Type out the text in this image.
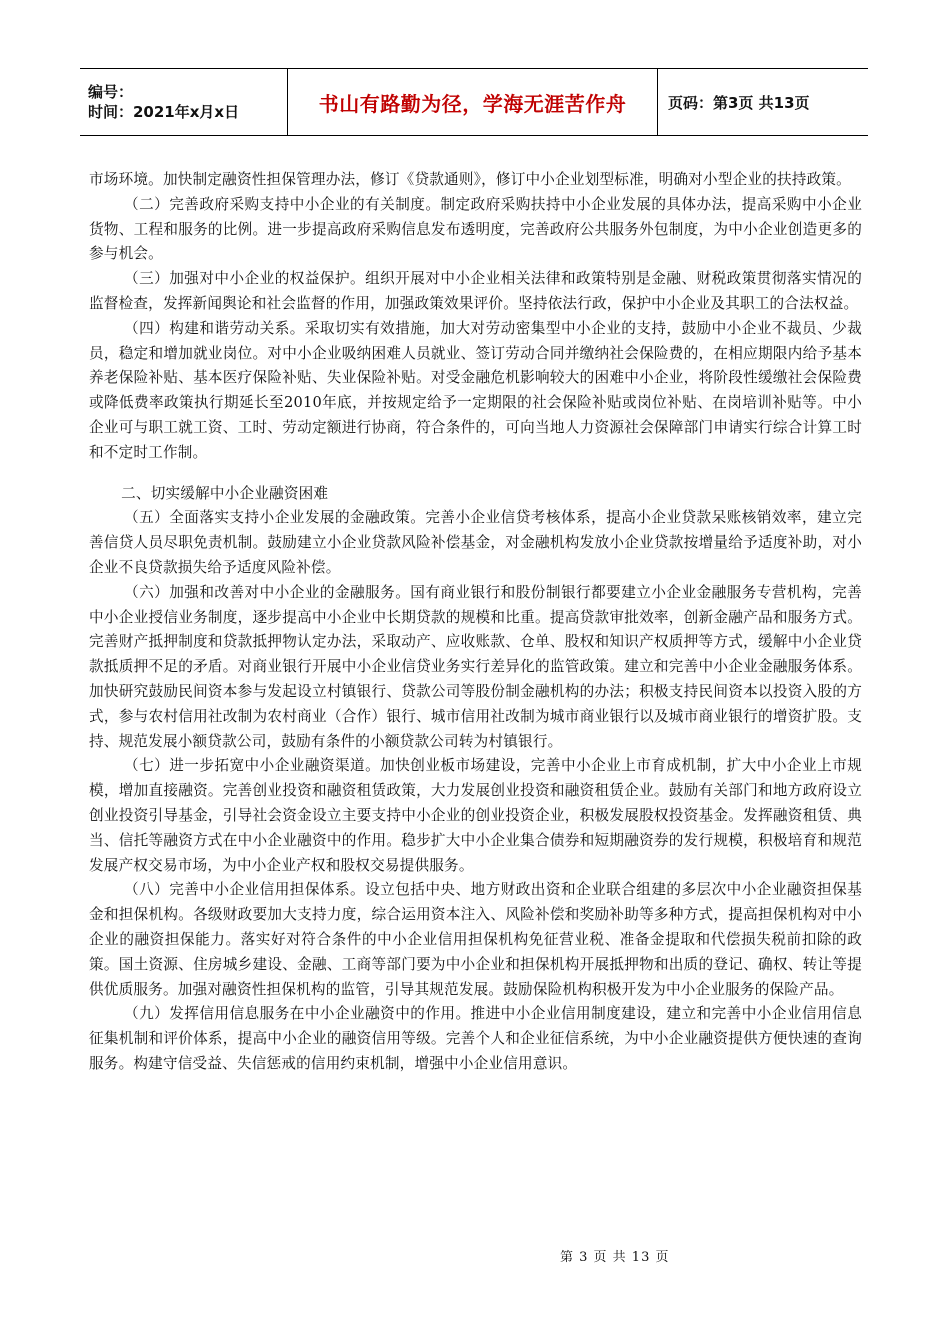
编号：
时间：2021年x月x日	书山有路勤为径，学海无涯苦作舟	页码：第3页 共13页

市场环境。加快制定融资性担保管理办法，修订《贷款通则》，修订中小企业划型标准，明确对小型企业的扶持政策。

（二）完善政府采购支持中小企业的有关制度。制定政府采购扶持中小企业发展的具体办法，提高采购中小企业货物、工程和服务的比例。进一步提高政府采购信息发布透明度，完善政府公共服务外包制度，为中小企业创造更多的参与机会。

（三）加强对中小企业的权益保护。组织开展对中小企业相关法律和政策特别是金融、财税政策贯彻落实情况的监督检查，发挥新闻舆论和社会监督的作用，加强政策效果评价。坚持依法行政，保护中小企业及其职工的合法权益。

（四）构建和谐劳动关系。采取切实有效措施，加大对劳动密集型中小企业的支持，鼓励中小企业不裁员、少裁员，稳定和增加就业岗位。对中小企业吸纳困难人员就业、签订劳动合同并缴纳社会保险费的，在相应期限内给予基本养老保险补贴、基本医疗保险补贴、失业保险补贴。对受金融危机影响较大的困难中小企业，将阶段性缓缴社会保险费或降低费率政策执行期延长至2010年底，并按规定给予一定期限的社会保险补贴或岗位补贴、在岗培训补贴等。中小企业可与职工就工资、工时、劳动定额进行协商，符合条件的，可向当地人力资源社会保障部门申请实行综合计算工时和不定时工作制。

二、切实缓解中小企业融资困难

（五）全面落实支持小企业发展的金融政策。完善小企业信贷考核体系，提高小企业贷款呆账核销效率，建立完善信贷人员尽职免责机制。鼓励建立小企业贷款风险补偿基金，对金融机构发放小企业贷款按增量给予适度补助，对小企业不良贷款损失给予适度风险补偿。

（六）加强和改善对中小企业的金融服务。国有商业银行和股份制银行都要建立小企业金融服务专营机构，完善中小企业授信业务制度，逐步提高中小企业中长期贷款的规模和比重。提高贷款审批效率，创新金融产品和服务方式。完善财产抵押制度和贷款抵押物认定办法，采取动产、应收账款、仓单、股权和知识产权质押等方式，缓解中小企业贷款抵质押不足的矛盾。对商业银行开展中小企业信贷业务实行差异化的监管政策。建立和完善中小企业金融服务体系。加快研究鼓励民间资本参与发起设立村镇银行、贷款公司等股份制金融机构的办法；积极支持民间资本以投资入股的方式，参与农村信用社改制为农村商业（合作）银行、城市信用社改制为城市商业银行以及城市商业银行的增资扩股。支持、规范发展小额贷款公司，鼓励有条件的小额贷款公司转为村镇银行。

（七）进一步拓宽中小企业融资渠道。加快创业板市场建设，完善中小企业上市育成机制，扩大中小企业上市规模，增加直接融资。完善创业投资和融资租赁政策，大力发展创业投资和融资租赁企业。鼓励有关部门和地方政府设立创业投资引导基金，引导社会资金设立主要支持中小企业的创业投资企业，积极发展股权投资基金。发挥融资租赁、典当、信托等融资方式在中小企业融资中的作用。稳步扩大中小企业集合债券和短期融资券的发行规模，积极培育和规范发展产权交易市场，为中小企业产权和股权交易提供服务。

（八）完善中小企业信用担保体系。设立包括中央、地方财政出资和企业联合组建的多层次中小企业融资担保基金和担保机构。各级财政要加大支持力度，综合运用资本注入、风险补偿和奖励补助等多种方式，提高担保机构对中小企业的融资担保能力。落实好对符合条件的中小企业信用担保机构免征营业税、准备金提取和代偿损失税前扣除的政策。国土资源、住房城乡建设、金融、工商等部门要为中小企业和担保机构开展抵押物和出质的登记、确权、转让等提供优质服务。加强对融资性担保机构的监管，引导其规范发展。鼓励保险机构积极开发为中小企业服务的保险产品。

（九）发挥信用信息服务在中小企业融资中的作用。推进中小企业信用制度建设，建立和完善中小企业信用信息征集机制和评价体系，提高中小企业的融资信用等级。完善个人和企业征信系统，为中小企业融资提供方便快速的查询服务。构建守信受益、失信惩戒的信用约束机制，增强中小企业信用意识。

第 3 页 共 13 页
